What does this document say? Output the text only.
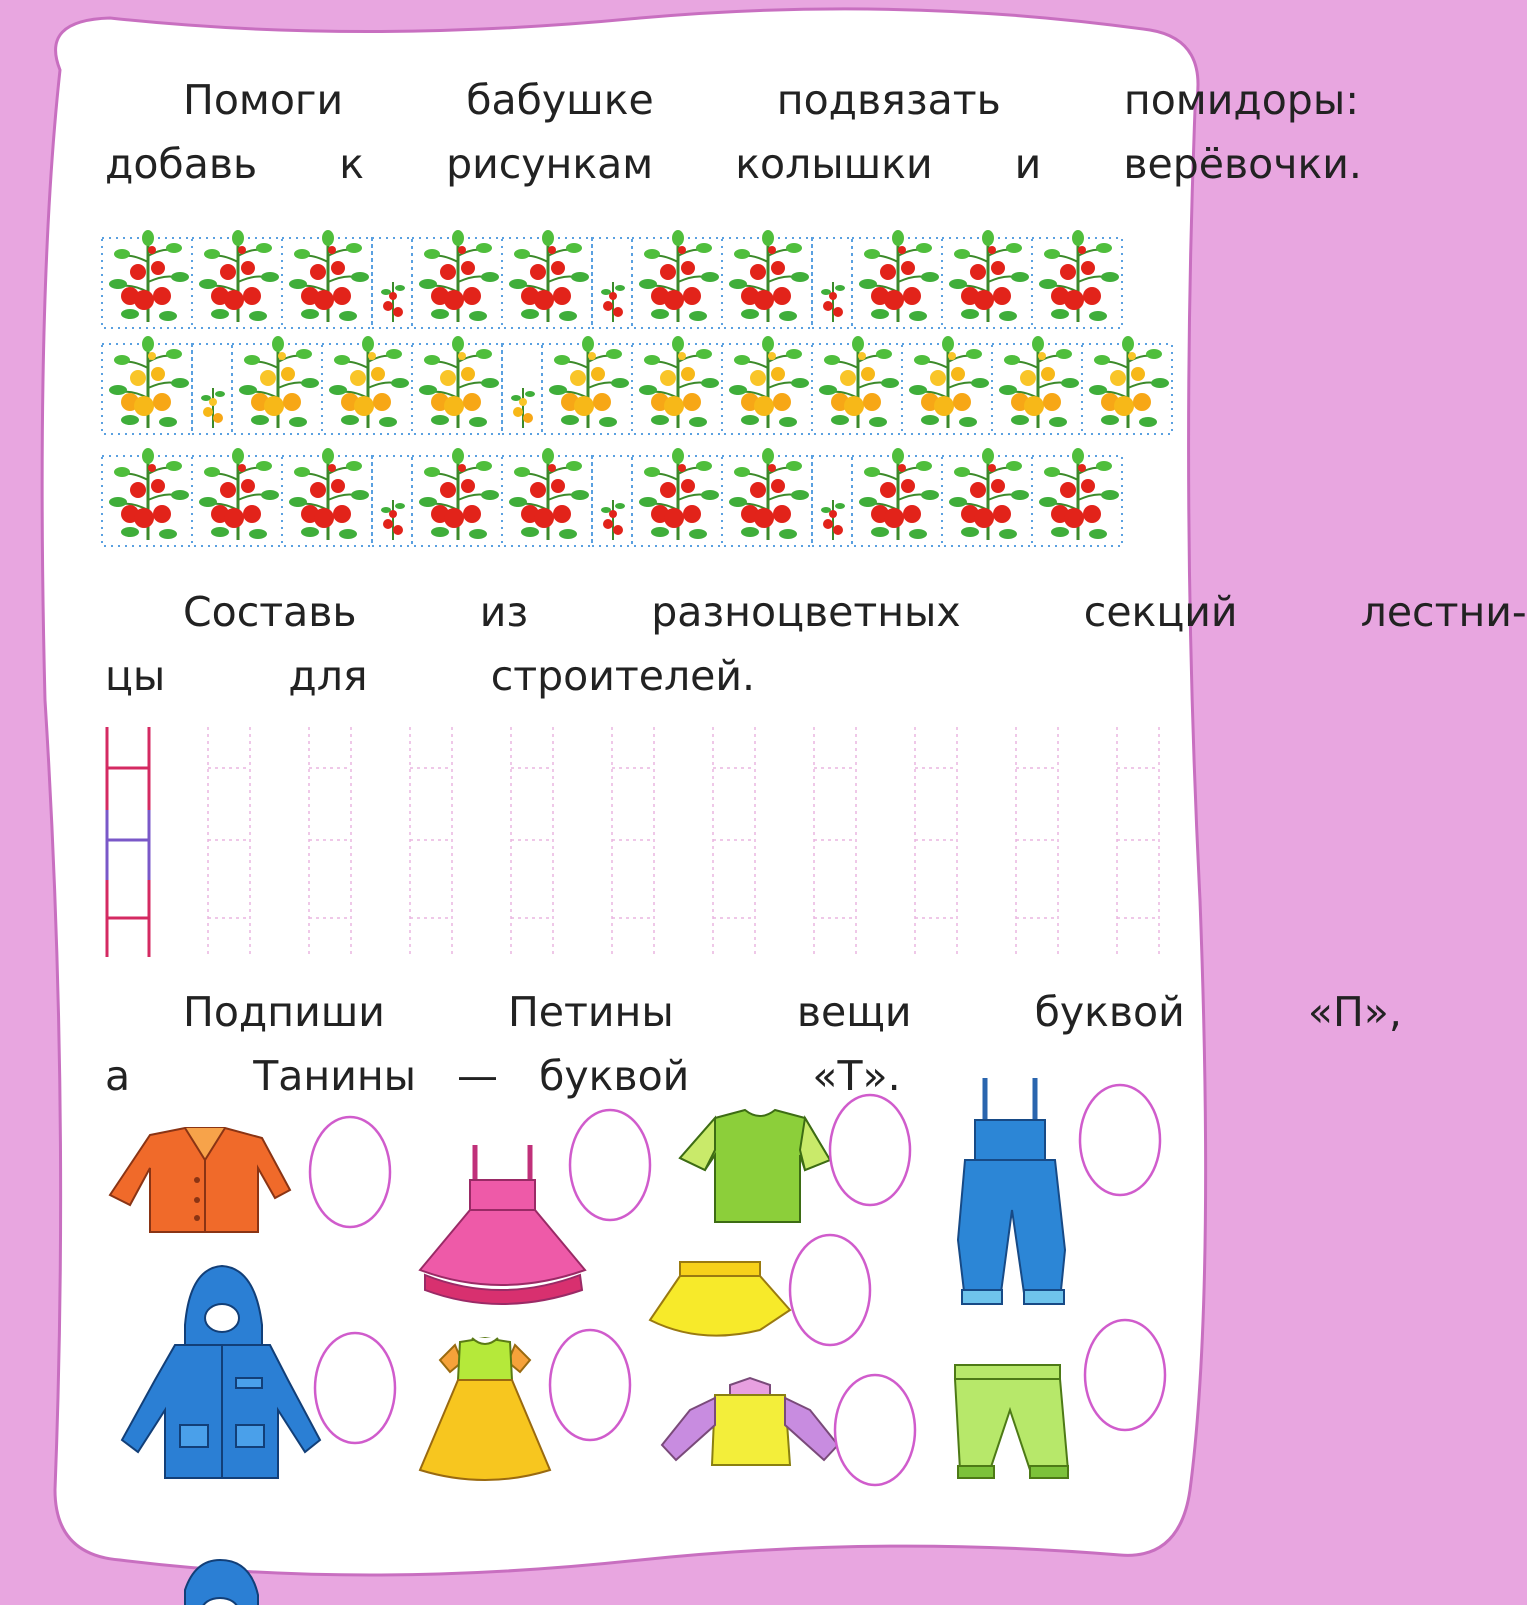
Помоги   бабушке   подвязать   помидоры:
добавь  к  рисункам  колышки  и  верёвочки.

Составь   из   разноцветных   секций   лестни-
цы   для   строителей.

Подпиши   Петины   вещи   буквой   «П»,
а   Танины — буквой   «Т».
